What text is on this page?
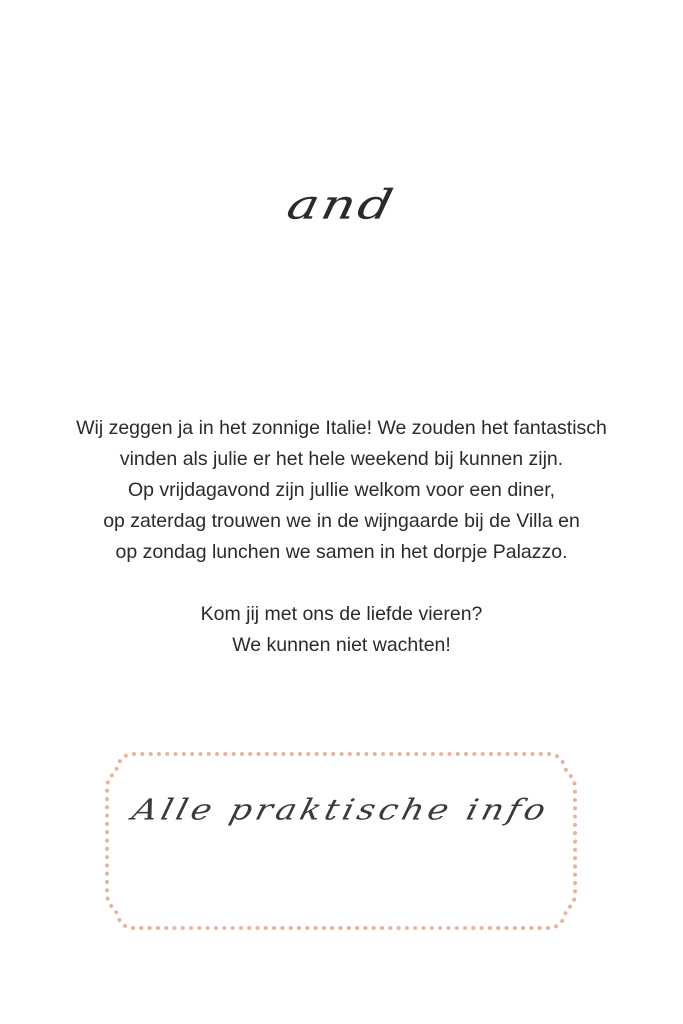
and
Wij zeggen ja in het zonnige Italie! We zouden het fantastisch
vinden als julie er het hele weekend bij kunnen zijn.
Op vrijdagavond zijn jullie welkom voor een diner,
op zaterdag trouwen we in de wijngaarde bij de Villa en
op zondag lunchen we samen in het dorpje Palazzo.
Kom jij met ons de liefde vieren?
We kunnen niet wachten!
Alle praktische info
